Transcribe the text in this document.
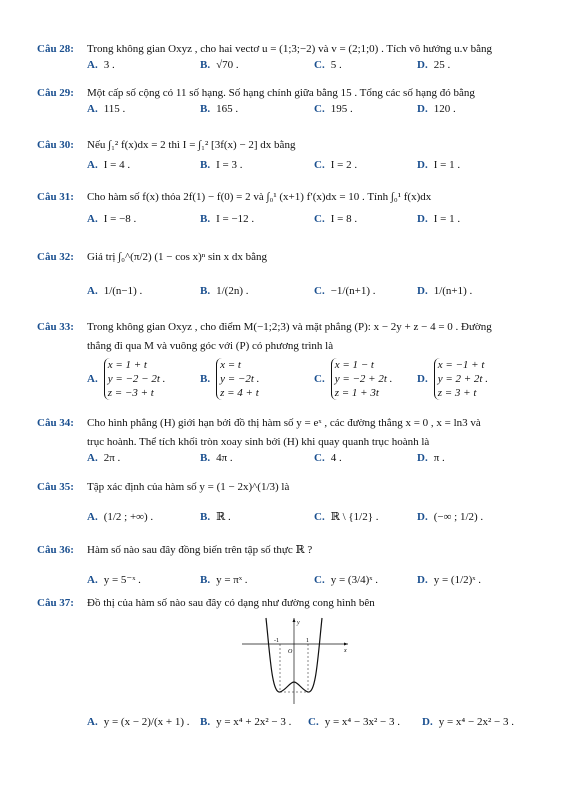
Câu 28: Trong không gian Oxyz , cho hai vectơ u = (1;3;−2) và v = (2;1;0) . Tích vô hướng u.v bằng
A. 3 .	B. √70 .	C. 5 .	D. 25 .
Câu 29: Một cấp số cộng có 11 số hạng. Số hạng chính giữa bằng 15 . Tổng các số hạng đó bằng
A. 115 .	B. 165 .	C. 195 .	D. 120 .
Câu 30: Nếu ∫₁² f(x)dx = 2 thì I = ∫₁² [3f(x) − 2] dx bằng
A. I = 4 .	B. I = 3 .	C. I = 2 .	D. I = 1 .
Câu 31: Cho hàm số f(x) thỏa 2f(1) − f(0) = 2 và ∫₀¹ (x+1) f′(x)dx = 10 . Tính ∫₀¹ f(x)dx
A. I = −8 .	B. I = −12 .	C. I = 8 .	D. I = 1 .
Câu 32: Giá trị ∫₀^(π/2) (1 − cos x)ⁿ sin x dx bằng
A. 1/(n−1) .	B. 1/(2n) .	C. −1/(n+1) .	D. 1/(n+1) .
Câu 33: Trong không gian Oxyz , cho điểm M(−1;2;3) và mặt phẳng (P): x − 2y + z − 4 = 0 . Đường
thẳng đi qua M và vuông góc với (P) có phương trình là
A.
x = 1 + t
y = −2 − 2t .
z = −3 + t
B.
x = t
y = −2t .
z = 4 + t
C.
x = 1 − t
y = −2 + 2t .
z = 1 + 3t
D.
x = −1 + t
y = 2 + 2t .
z = 3 + t
Câu 34: Cho hình phẳng (H) giới hạn bởi đồ thị hàm số y = eˣ , các đường thẳng x = 0 , x = ln3 và
trục hoành. Thể tích khối tròn xoay sinh bởi (H) khi quay quanh trục hoành là
A. 2π .	B. 4π .	C. 4 .	D. π .
Câu 35: Tập xác định của hàm số y = (1 − 2x)^(1/3) là
A. (1/2 ; +∞) .	B. ℝ .	C. ℝ \ {1/2} .	D. (−∞ ; 1/2) .
Câu 36: Hàm số nào sau đây đồng biến trên tập số thực ℝ ?
A. y = 5⁻ˣ .	B. y = πˣ .	C. y = (3/4)ˣ .	D. y = (1/2)ˣ .
Câu 37: Đồ thị của hàm số nào sau đây có dạng như đường cong hình bên
y
x
O
-1	1
A. y = (x − 2)/(x + 1) . B. y = x⁴ + 2x² − 3 . C. y = x⁴ − 3x² − 3 . D. y = x⁴ − 2x² − 3 .
